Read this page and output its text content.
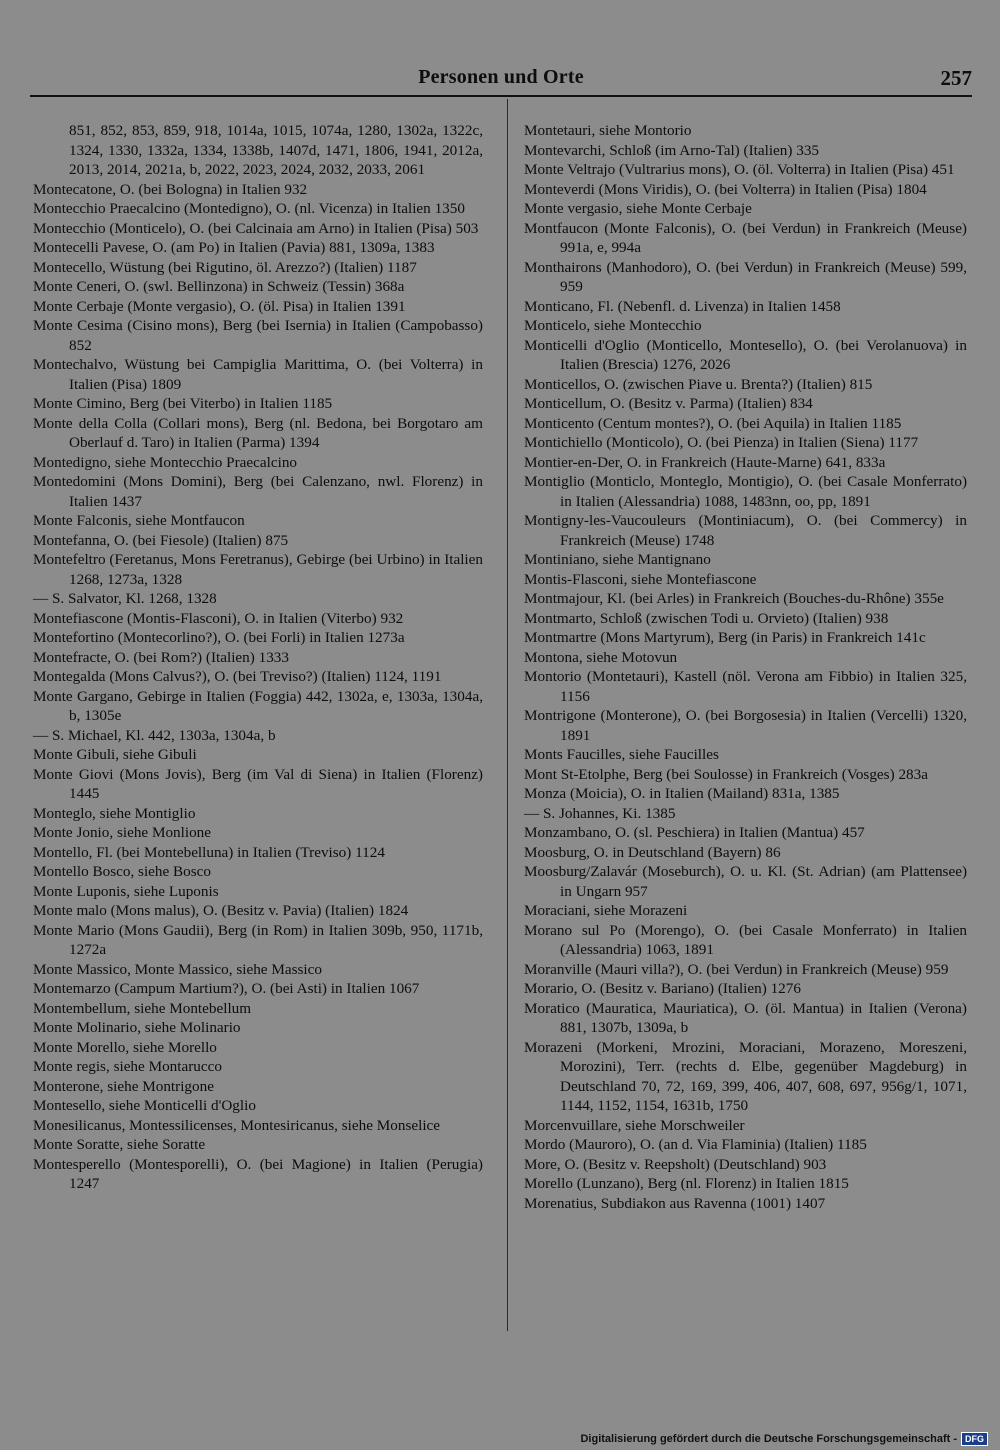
Personen und Orte	257
851, 852, 853, 859, 918, 1014a, 1015, 1074a, 1280, 1302a, 1322c, 1324, 1330, 1332a, 1334, 1338b, 1407d, 1471, 1806, 1941, 2012a, 2013, 2014, 2021a, b, 2022, 2023, 2024, 2032, 2033, 2061
Montecatone, O. (bei Bologna) in Italien 932
Montecchio Praecalcino (Montedigno), O. (nl. Vicenza) in Italien 1350
Montecchio (Monticelo), O. (bei Calcinaia am Arno) in Italien (Pisa) 503
Montecelli Pavese, O. (am Po) in Italien (Pavia) 881, 1309a, 1383
Montecello, Wüstung (bei Rigutino, öl. Arezzo?) (Italien) 1187
Monte Ceneri, O. (swl. Bellinzona) in Schweiz (Tessin) 368a
Monte Cerbaje (Monte vergasio), O. (öl. Pisa) in Italien 1391
Monte Cesima (Cisino mons), Berg (bei Isernia) in Italien (Campobasso) 852
Montechalvo, Wüstung bei Campiglia Marittima, O. (bei Volterra) in Italien (Pisa) 1809
Monte Cimino, Berg (bei Viterbo) in Italien 1185
Monte della Colla (Collari mons), Berg (nl. Bedona, bei Borgotaro am Oberlauf d. Taro) in Italien (Parma) 1394
Montedigno, siehe Montecchio Praecalcino
Montedomini (Mons Domini), Berg (bei Calenzano, nwl. Florenz) in Italien 1437
Monte Falconis, siehe Montfaucon
Montefanna, O. (bei Fiesole) (Italien) 875
Montefeltro (Feretanus, Mons Feretranus), Gebirge (bei Urbino) in Italien 1268, 1273a, 1328
— S. Salvator, Kl. 1268, 1328
Montefiascone (Montis-Flasconi), O. in Italien (Viterbo) 932
Montefortino (Montecorlino?), O. (bei Forli) in Italien 1273a
Montefracte, O. (bei Rom?) (Italien) 1333
Montegalda (Mons Calvus?), O. (bei Treviso?) (Italien) 1124, 1191
Monte Gargano, Gebirge in Italien (Foggia) 442, 1302a, e, 1303a, 1304a, b, 1305e
— S. Michael, Kl. 442, 1303a, 1304a, b
Monte Gibuli, siehe Gibuli
Monte Giovi (Mons Jovis), Berg (im Val di Siena) in Italien (Florenz) 1445
Monteglo, siehe Montiglio
Monte Jonio, siehe Monlione
Montello, Fl. (bei Montebelluna) in Italien (Treviso) 1124
Montello Bosco, siehe Bosco
Monte Luponis, siehe Luponis
Monte malo (Mons malus), O. (Besitz v. Pavia) (Italien) 1824
Monte Mario (Mons Gaudii), Berg (in Rom) in Italien 309b, 950, 1171b, 1272a
Monte Massico, Monte Massico, siehe Massico
Montemarzo (Campum Martium?), O. (bei Asti) in Italien 1067
Montembellum, siehe Montebellum
Monte Molinario, siehe Molinario
Monte Morello, siehe Morello
Monte regis, siehe Montarucco
Monterone, siehe Montrigone
Montesello, siehe Monticelli d'Oglio
Monesilicanus, Montessilicenses, Montesiricanus, siehe Monselice
Monte Soratte, siehe Soratte
Montesperello (Montesporelli), O. (bei Magione) in Italien (Perugia) 1247
Montetauri, siehe Montorio
Montevarchi, Schloß (im Arno-Tal) (Italien) 335
Monte Veltrajo (Vultrarius mons), O. (öl. Volterra) in Italien (Pisa) 451
Monteverdi (Mons Viridis), O. (bei Volterra) in Italien (Pisa) 1804
Monte vergasio, siehe Monte Cerbaje
Montfaucon (Monte Falconis), O. (bei Verdun) in Frankreich (Meuse) 991a, e, 994a
Monthairons (Manhodoro), O. (bei Verdun) in Frankreich (Meuse) 599, 959
Monticano, Fl. (Nebenfl. d. Livenza) in Italien 1458
Monticelo, siehe Montecchio
Monticelli d'Oglio (Monticello, Montesello), O. (bei Verolanuova) in Italien (Brescia) 1276, 2026
Monticellos, O. (zwischen Piave u. Brenta?) (Italien) 815
Monticellum, O. (Besitz v. Parma) (Italien) 834
Monticento (Centum montes?), O. (bei Aquila) in Italien 1185
Montichiello (Monticolo), O. (bei Pienza) in Italien (Siena) 1177
Montier-en-Der, O. in Frankreich (Haute-Marne) 641, 833a
Montiglio (Monticlo, Monteglo, Montigio), O. (bei Casale Monferrato) in Italien (Alessandria) 1088, 1483nn, oo, pp, 1891
Montigny-les-Vaucouleurs (Montiniacum), O. (bei Commercy) in Frankreich (Meuse) 1748
Montiniano, siehe Mantignano
Montis-Flasconi, siehe Montefiascone
Montmajour, Kl. (bei Arles) in Frankreich (Bouches-du-Rhône) 355e
Montmarto, Schloß (zwischen Todi u. Orvieto) (Italien) 938
Montmartre (Mons Martyrum), Berg (in Paris) in Frankreich 141c
Montona, siehe Motovun
Montorio (Montetauri), Kastell (nöl. Verona am Fibbio) in Italien 325, 1156
Montrigone (Monterone), O. (bei Borgosesia) in Italien (Vercelli) 1320, 1891
Monts Faucilles, siehe Faucilles
Mont St-Etolphe, Berg (bei Soulosse) in Frankreich (Vosges) 283a
Monza (Moicia), O. in Italien (Mailand) 831a, 1385
— S. Johannes, Ki. 1385
Monzambano, O. (sl. Peschiera) in Italien (Mantua) 457
Moosburg, O. in Deutschland (Bayern) 86
Moosburg/Zalavár (Moseburch), O. u. Kl. (St. Adrian) (am Plattensee) in Ungarn 957
Moraciani, siehe Morazeni
Morano sul Po (Morengo), O. (bei Casale Monferrato) in Italien (Alessandria) 1063, 1891
Moranville (Mauri villa?), O. (bei Verdun) in Frankreich (Meuse) 959
Morario, O. (Besitz v. Bariano) (Italien) 1276
Moratico (Mauratica, Mauriatica), O. (öl. Mantua) in Italien (Verona) 881, 1307b, 1309a, b
Morazeni (Morkeni, Mrozini, Moraciani, Morazeno, Moreszeni, Morozini), Terr. (rechts d. Elbe, gegenüber Magdeburg) in Deutschland 70, 72, 169, 399, 406, 407, 608, 697, 956g/1, 1071, 1144, 1152, 1154, 1631b, 1750
Morcenvuillare, siehe Morschweiler
Mordo (Mauroro), O. (an d. Via Flaminia) (Italien) 1185
More, O. (Besitz v. Reepsholt) (Deutschland) 903
Morello (Lunzano), Berg (nl. Florenz) in Italien 1815
Morenatius, Subdiakon aus Ravenna (1001) 1407
Digitalisierung gefördert durch die Deutsche Forschungsgemeinschaft - DFG
